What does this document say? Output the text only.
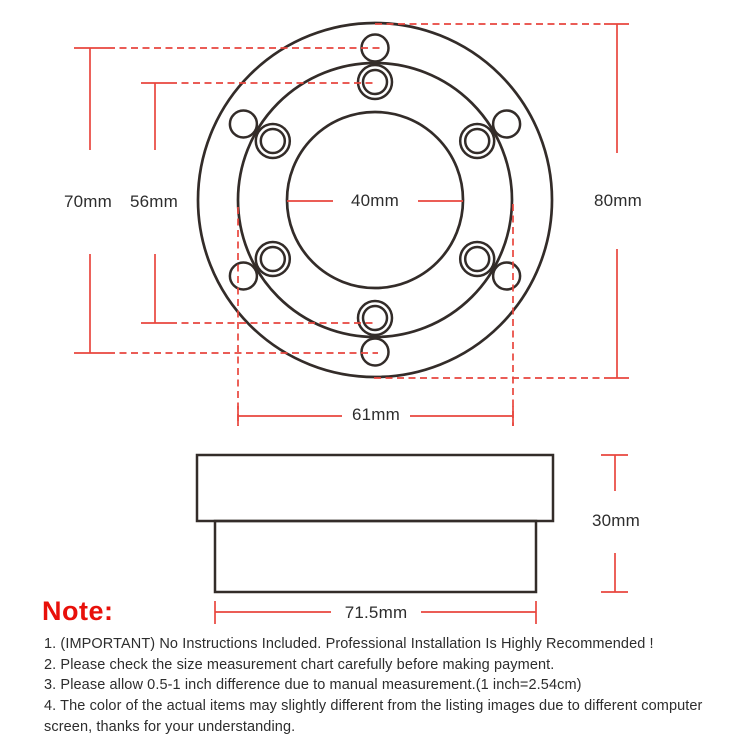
70mm 56mm	40mm	80mm
61mm
30mm
71.5mm
Note:
1. (IMPORTANT) No Instructions Included. Professional Installation Is Highly Recommended !
2. Please check the size measurement chart carefully before making payment.
3. Please allow 0.5-1 inch difference due to manual measurement.(1 inch=2.54cm)
4. The color of the actual items may slightly different from the listing images due to different computer
screen, thanks for your understanding.
